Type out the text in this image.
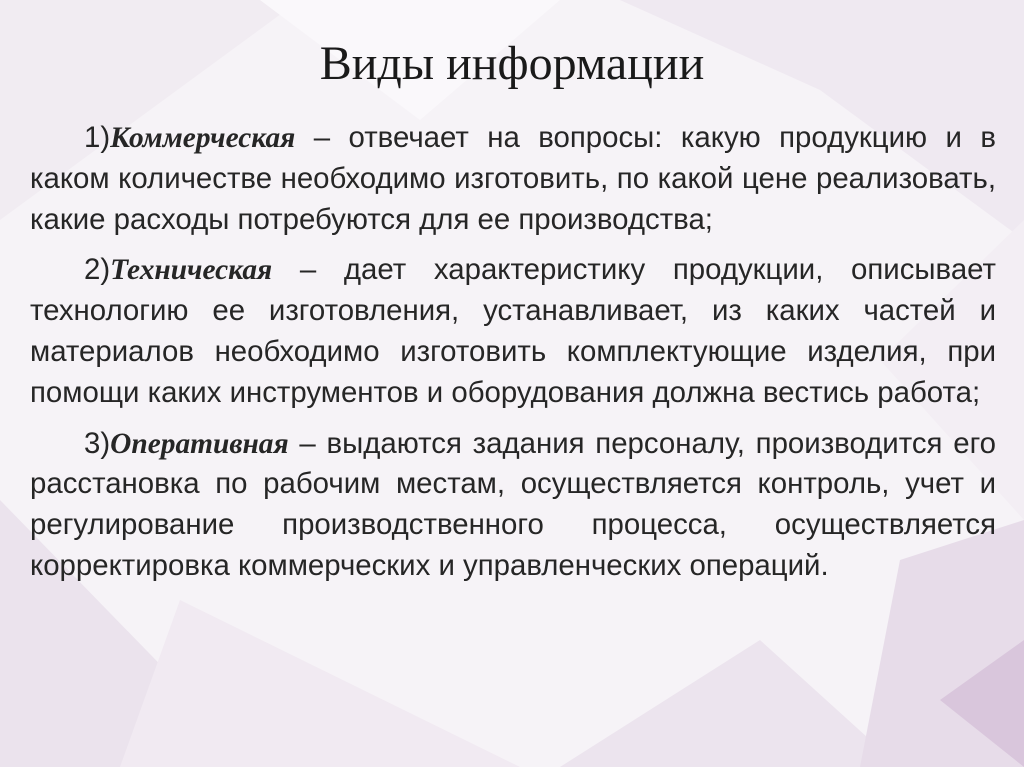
Виды информации

1)Коммерческая – отвечает на вопросы: какую продукцию и в каком количестве необходимо изготовить, по какой цене реализовать, какие расходы потребуются для ее производства;

2)Техническая – дает характеристику продукции, описывает технологию ее изготовления, устанавливает, из каких частей и материалов необходимо изготовить комплектующие изделия, при помощи каких инструментов и оборудования должна вестись работа;

3)Оперативная – выдаются задания персоналу, производится его расстановка по рабочим местам, осуществляется контроль, учет и регулирование производственного процесса, осуществляется корректировка коммерческих и управленческих операций.
